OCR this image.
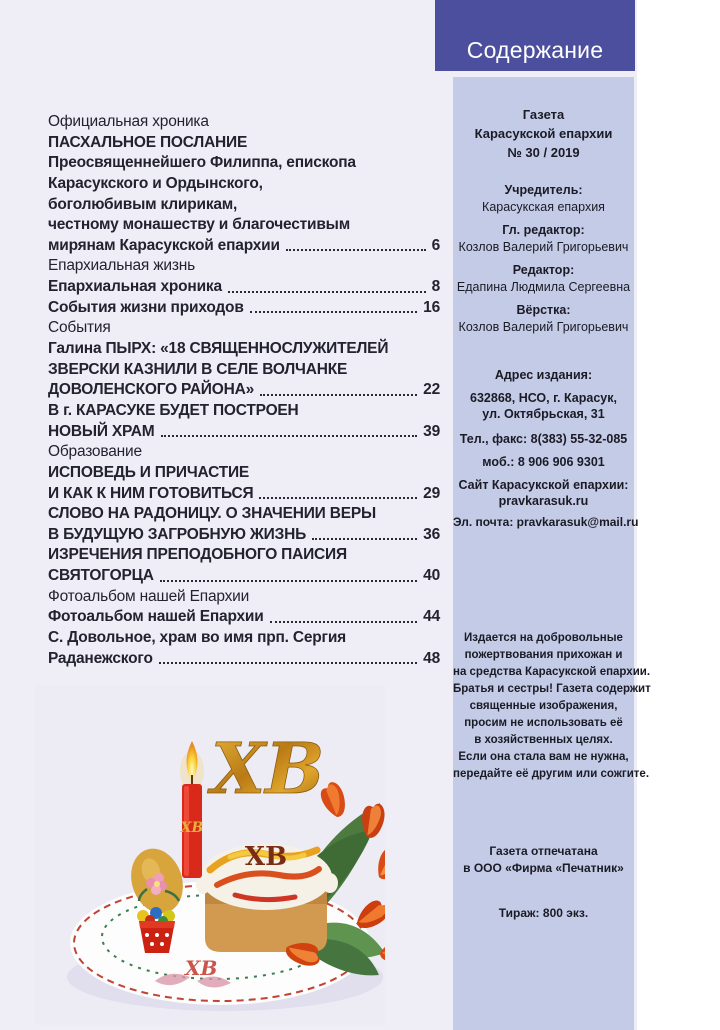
Содержание
Газета
Карасукской епархии
№ 30 / 2019
Учредитель:
Карасукская епархия
Гл. редактор:
Козлов Валерий Григорьевич
Редактор:
Едапина Людмила Сергеевна
Вёрстка:
Козлов Валерий Григорьевич
Адрес издания:
632868, НСО, г. Карасук,
ул. Октябрьская, 31
Тел., факс: 8(383) 55-32-085
моб.: 8 906 906 9301
Сайт Карасукской епархии:
pravkarasuk.ru
Эл. почта: pravkarasuk@mail.ru
Издается на добровольные
пожертвования прихожан и
на средства Карасукской епархии.
Братья и сестры! Газета содержит
священные изображения,
просим не использовать её
в хозяйственных целях.
Если она стала вам не нужна,
передайте её другим или сожгите.
Газета отпечатана
в ООО «Фирма «Печатник»
Тираж: 800 экз.
Официальная хроника
ПАСХАЛЬНОЕ ПОСЛАНИЕ
Преосвященнейшего Филиппа, епископа
Карасукского и Ордынского,
боголюбивым клирикам,
честному монашеству и благочестивым
мирянам Карасукской епархии	6
Епархиальная жизнь
Епархиальная хроника	8
События жизни приходов	16
События
Галина ПЫРХ: «18 СВЯЩЕННОСЛУЖИТЕЛЕЙ
ЗВЕРСКИ КАЗНИЛИ В СЕЛЕ ВОЛЧАНКЕ
ДОВОЛЕНСКОГО РАЙОНА»	22
В г. КАРАСУКЕ БУДЕТ ПОСТРОЕН
НОВЫЙ ХРАМ	39
Образование
ИСПОВЕДЬ И ПРИЧАСТИЕ
И КАК К НИМ ГОТОВИТЬСЯ	29
СЛОВО НА РАДОНИЦУ. О ЗНАЧЕНИИ ВЕРЫ
В БУДУЩУЮ ЗАГРОБНУЮ ЖИЗНЬ	36
ИЗРЕЧЕНИЯ ПРЕПОДОБНОГО ПАИСИЯ
СВЯТОГОРЦА	40
Фотоальбом нашей Епархии
Фотоальбом нашей Епархии	44
С. Довольное, храм во имя прп. Сергия
Раданежского	48
ХВ
ХВ
ХВ
ХВ
